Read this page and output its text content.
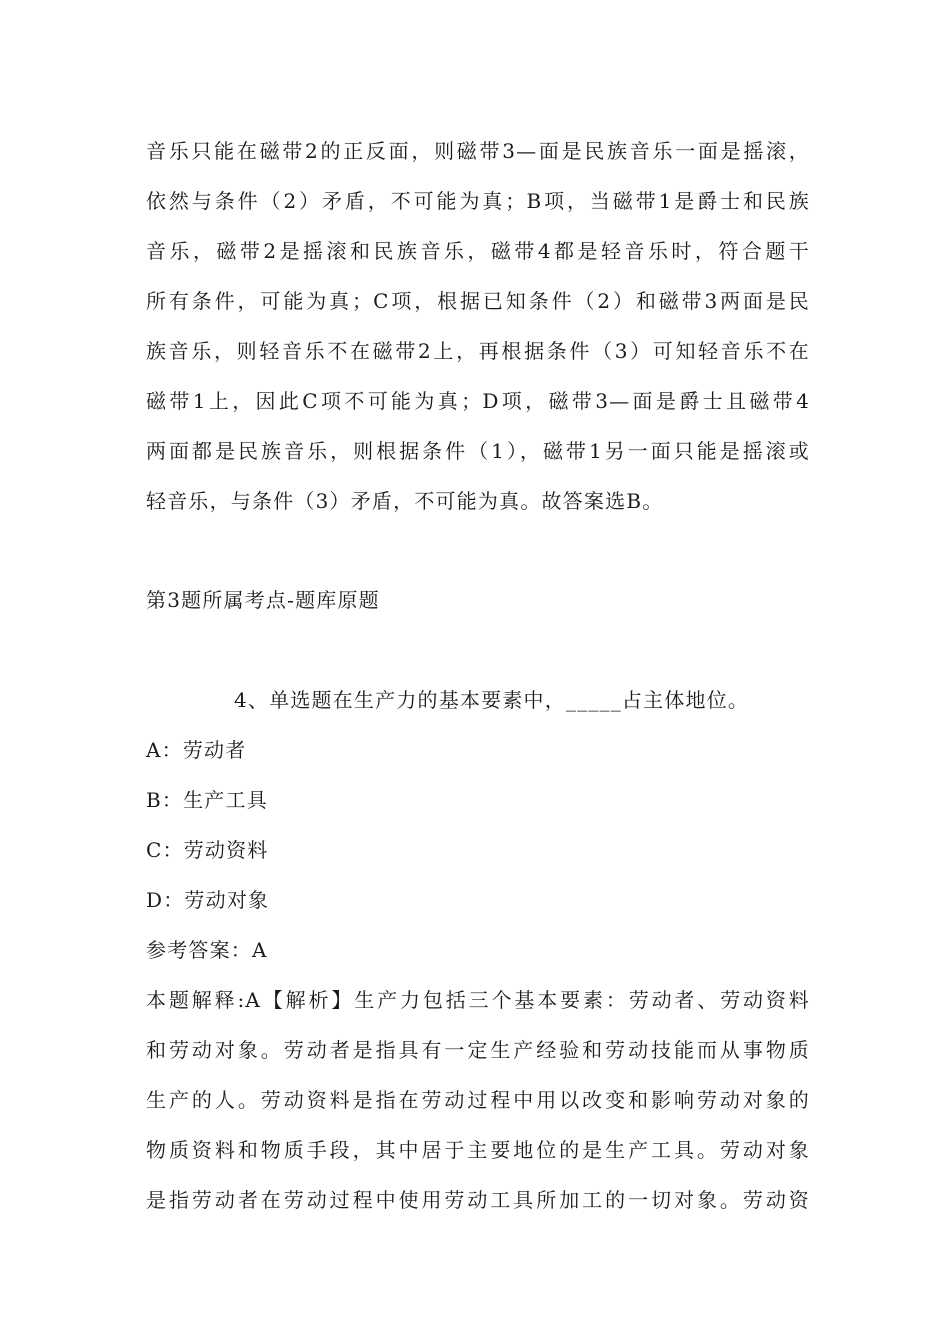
音乐只能在磁带2的正反面，则磁带3—面是民族音乐一面是摇滚，
依然与条件（2）矛盾，不可能为真；B项，当磁带1是爵士和民族
音乐，磁带2是摇滚和民族音乐，磁带4都是轻音乐时，符合题干
所有条件，可能为真；C项，根据已知条件（2）和磁带3两面是民
族音乐，则轻音乐不在磁带2上，再根据条件（3）可知轻音乐不在
磁带1上，因此C项不可能为真；D项，磁带3—面是爵士且磁带4
两面都是民族音乐，则根据条件（1），磁带1另一面只能是摇滚或
轻音乐，与条件（3）矛盾，不可能为真。故答案选B。
第3题所属考点-题库原题
4、单选题在生产力的基本要素中，_____占主体地位。
A：劳动者
B：生产工具
C：劳动资料
D：劳动对象
参考答案：A
本题解释:A【解析】生产力包括三个基本要素：劳动者、劳动资料
和劳动对象。劳动者是指具有一定生产经验和劳动技能而从事物质
生产的人。劳动资料是指在劳动过程中用以改变和影响劳动对象的
物质资料和物质手段，其中居于主要地位的是生产工具。劳动对象
是指劳动者在劳动过程中使用劳动工具所加工的一切对象。劳动资
